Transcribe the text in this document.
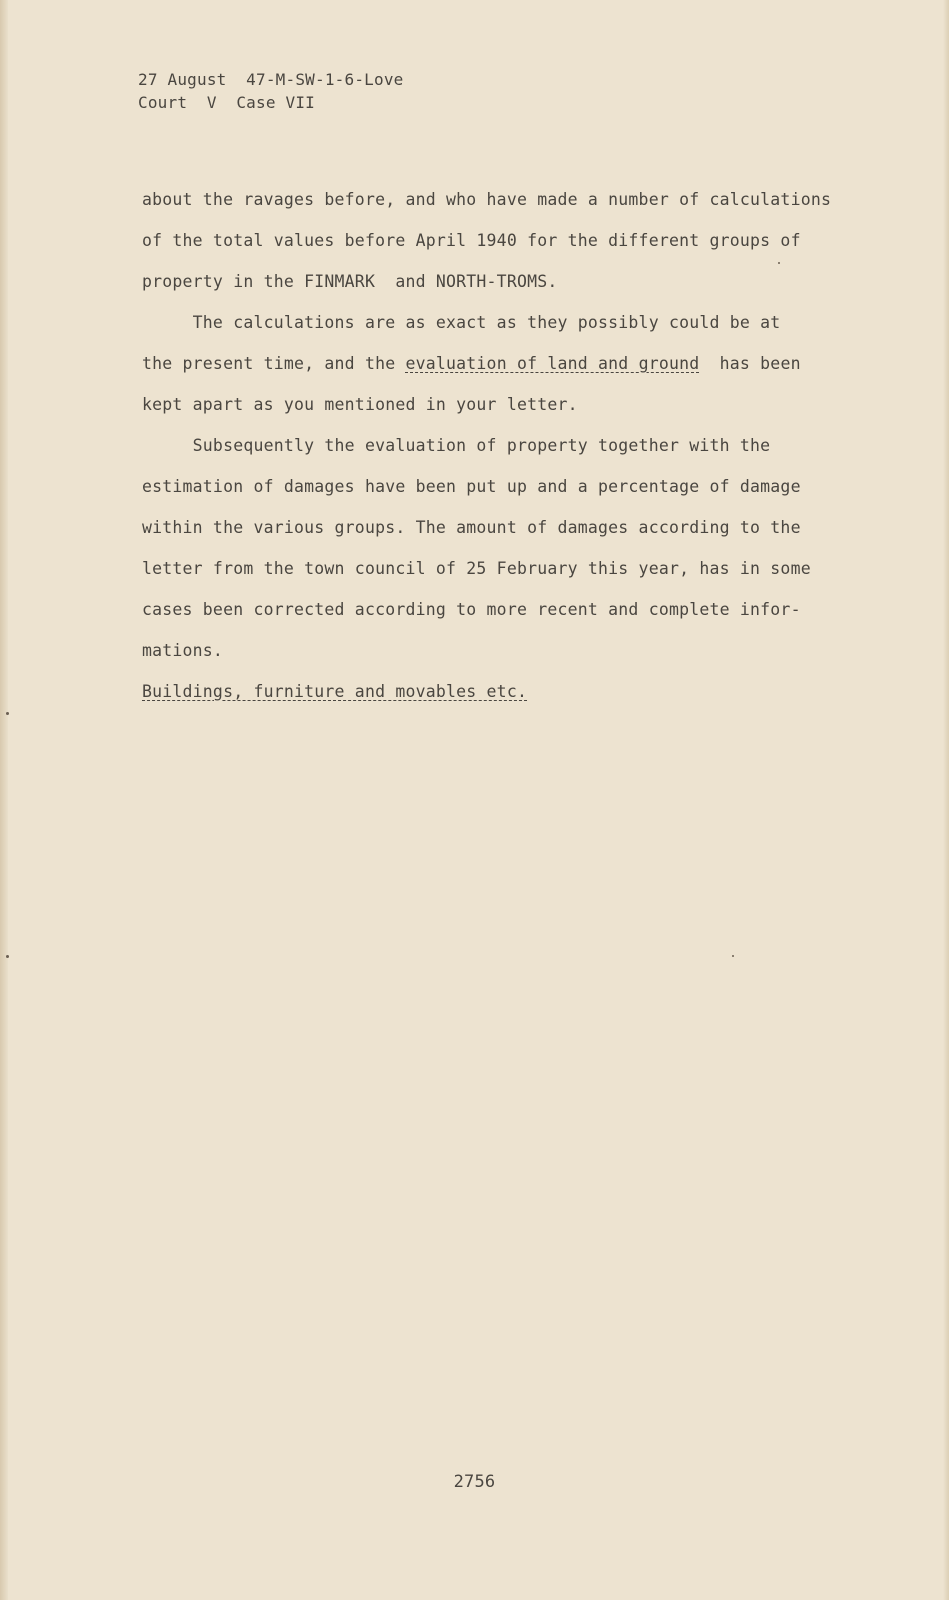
27 August  47-M-SW-1-6-Love
Court  V  Case VII
about the ravages before, and who have made a number of calculations
of the total values before April 1940 for the different groups of
property in the FINMARK  and NORTH-TROMS.
The calculations are as exact as they possibly could be at
the present time, and the evaluation of land and ground  has been
kept apart as you mentioned in your letter.
Subsequently the evaluation of property together with the
estimation of damages have been put up and a percentage of damage
within the various groups. The amount of damages according to the
letter from the town council of 25 February this year, has in some
cases been corrected according to more recent and complete infor-
mations.
Buildings, furniture and movables etc.
2756
